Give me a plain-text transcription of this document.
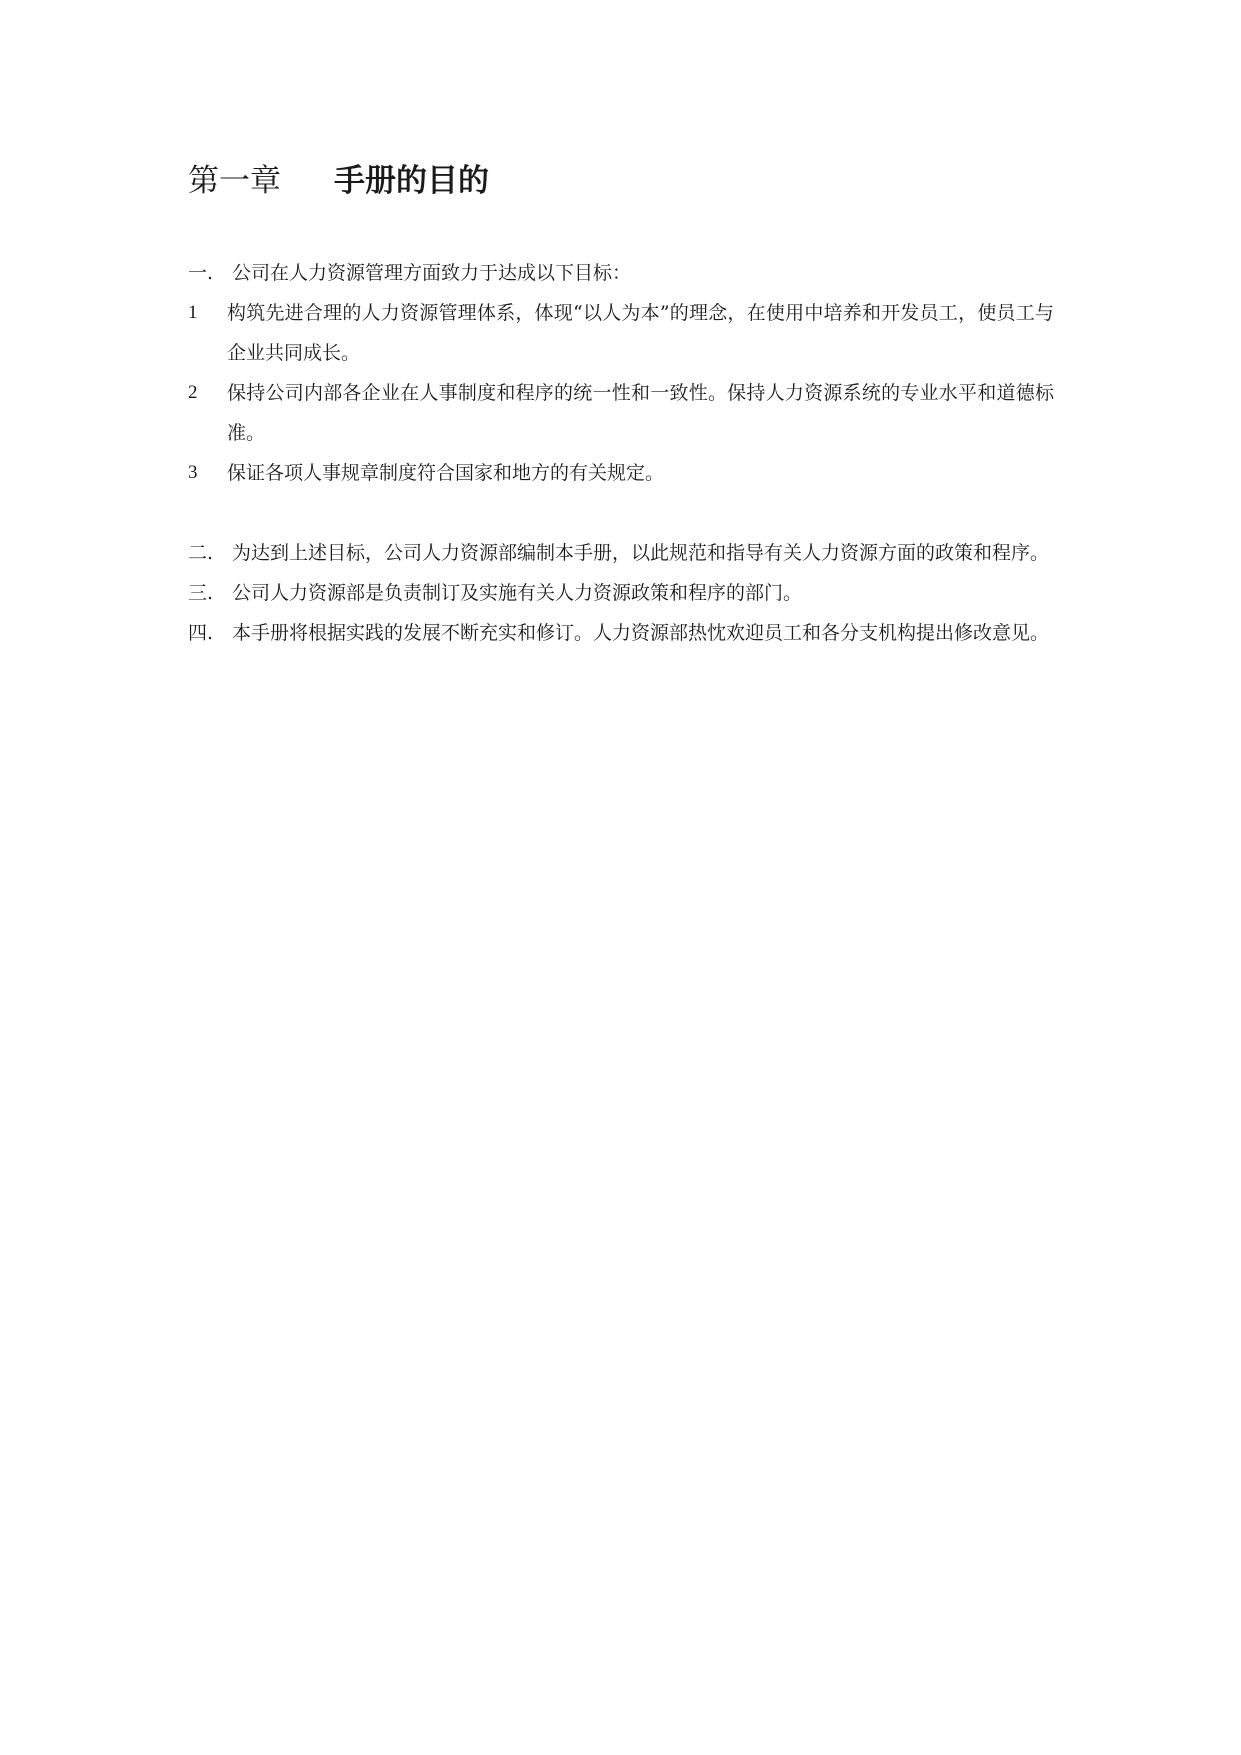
第一章 手册的目的
一. 公司在人力资源管理方面致力于达成以下目标：
1	构筑先进合理的人力资源管理体系，体现“以人为本”的理念，在使用中培养和开发员工，使员工与企业共同成长。
2	保持公司内部各企业在人事制度和程序的统一性和一致性。保持人力资源系统的专业水平和道德标准。
3	保证各项人事规章制度符合国家和地方的有关规定。
二. 为达到上述目标，公司人力资源部编制本手册，以此规范和指导有关人力资源方面的政策和程序。
三. 公司人力资源部是负责制订及实施有关人力资源政策和程序的部门。
四. 本手册将根据实践的发展不断充实和修订。人力资源部热忱欢迎员工和各分支机构提出修改意见。
